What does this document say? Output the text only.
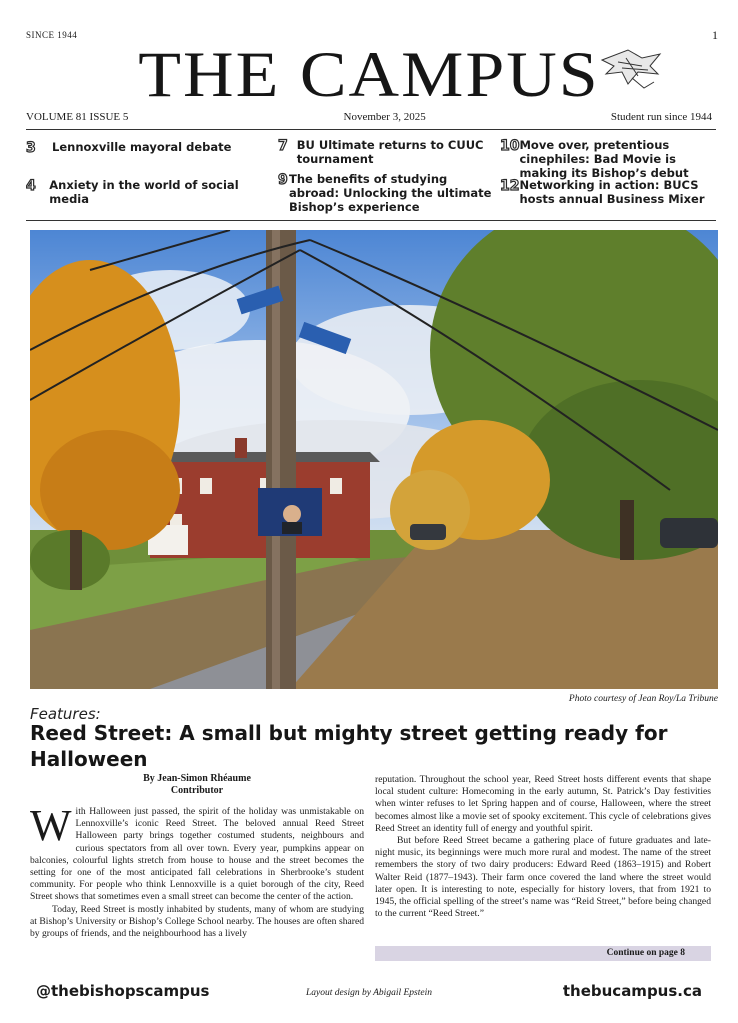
SINCE 1944	1
THE CAMPUS
VOLUME 81 ISSUE 5	November 3, 2025	Student run since 1944
3	Lennoxville mayoral debate
4	Anxiety in the world of social media
7 BU Ultimate returns to CUUC tournament
9 The benefits of studying abroad: Unlocking the ultimate Bishop’s experience
10 Move over, pretentious cinephiles: Bad Movie is making its Bishop’s debut
12 Networking in action: BUCS hosts annual Business Mixer
Photo courtesy of Jean Roy/La Tribune
Features:
Reed Street: A small but mighty street getting ready for Halloween
By Jean-Simon Rhéaume
Contributor

With Halloween just passed, the spirit of the holiday was unmistakable on Lennoxville’s iconic Reed Street. The beloved annual Reed Street Halloween party brings together costumed students, neighbours and curious spectators from all over town. Every year, pumpkins appear on balconies, colourful lights stretch from house to house and the street becomes the setting for one of the most anticipated fall celebrations in Sherbrooke’s student community. For people who think Lennoxville is a quiet borough of the city, Reed Street shows that sometimes even a small street can become the center of the action.

Today, Reed Street is mostly inhabited by students, many of whom are studying at Bishop’s University or Bishop’s College School nearby. The houses are often shared by groups of friends, and the neighbourhood has a lively

reputation. Throughout the school year, Reed Street hosts different events that shape local student culture: Homecoming in the early autumn, St. Patrick’s Day festivities when winter refuses to let Spring happen and of course, Halloween, where the street becomes almost like a movie set of spooky excitement. This cycle of celebrations gives Reed Street an identity full of energy and youthful spirit.

But before Reed Street became a gathering place of future graduates and late-night music, its beginnings were much more rural and modest. The name of the street remembers the story of two dairy producers: Edward Reed (1863–1915) and Robert Walter Reid (1877–1943). Their farm once covered the land where the street would later open. It is interesting to note, especially for history lovers, that from 1921 to 1945, the official spelling of the street’s name was “Reid Street,” before being changed to the current “Reed Street.”

Continue on page 8
@thebishopscampus	Layout design by Abigail Epstein	thebucampus.ca
